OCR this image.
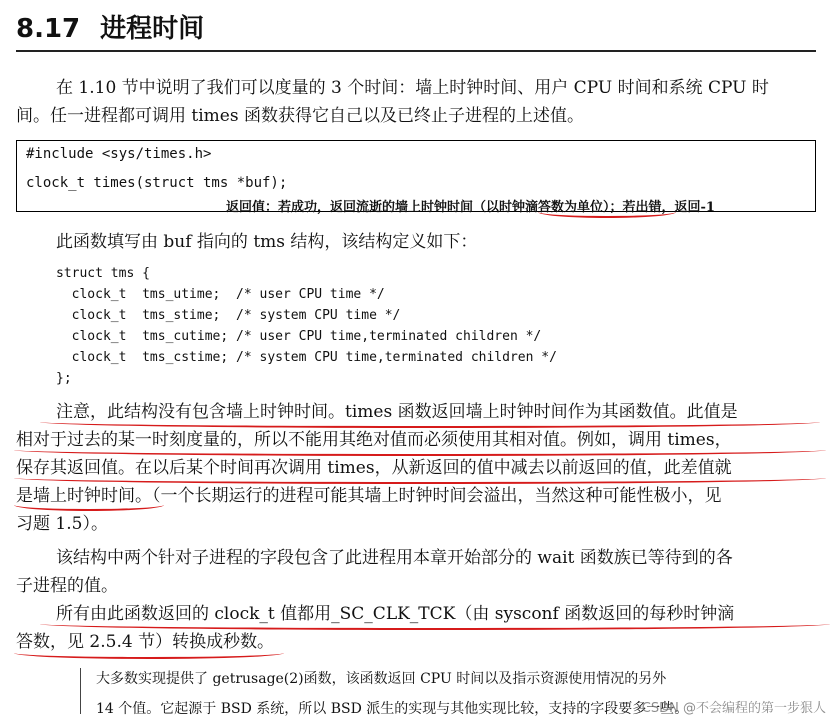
8.17 进程时间
在 1.10 节中说明了我们可以度量的 3 个时间：墙上时钟时间、用户 CPU 时间和系统 CPU 时
间。任一进程都可调用 times 函数获得它自己以及已终止子进程的上述值。
#include <sys/times.h>
clock_t times(struct tms *buf);
返回值：若成功，返回流逝的墙上时钟时间（以时钟滴答数为单位）；若出错，返回-1
此函数填写由 buf 指向的 tms 结构，该结构定义如下：
struct tms {
clock_t  tms_utime;  /* user CPU time */
clock_t  tms_stime;  /* system CPU time */
clock_t  tms_cutime; /* user CPU time,terminated children */
clock_t  tms_cstime; /* system CPU time,terminated children */
};
注意，此结构没有包含墙上时钟时间。times 函数返回墙上时钟时间作为其函数值。此值是
相对于过去的某一时刻度量的，所以不能用其绝对值而必须使用其相对值。例如，调用 times，
保存其返回值。在以后某个时间再次调用 times，从新返回的值中减去以前返回的值，此差值就
是墙上时钟时间。（一个长期运行的进程可能其墙上时钟时间会溢出，当然这种可能性极小，见
习题 1.5）。
该结构中两个针对子进程的字段包含了此进程用本章开始部分的 wait 函数族已等待到的各
子进程的值。
所有由此函数返回的 clock_t 值都用_SC_CLK_TCK（由 sysconf 函数返回的每秒时钟滴
答数，见 2.5.4 节）转换成秒数。
大多数实现提供了 getrusage(2)函数，该函数返回 CPU 时间以及指示资源使用情况的另外
14 个值。它起源于 BSD 系统，所以 BSD 派生的实现与其他实现比较，支持的字段要多一些。
CSDN @不会编程的第一步狠人
